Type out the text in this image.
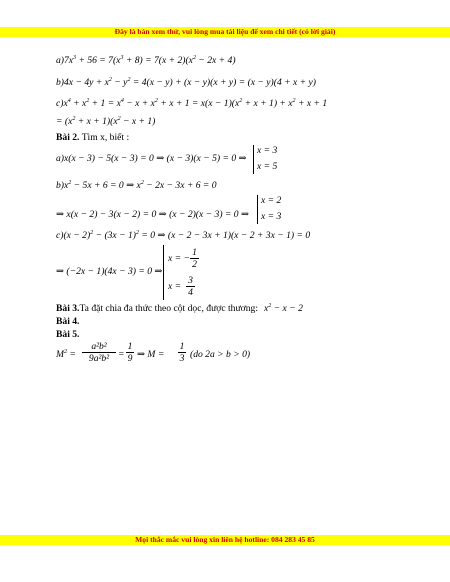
Đây là bản xem thử, vui lòng mua tài liệu để xem chi tiết (có lời giải)
Mọi thắc mắc vui lòng xin liên hệ hotline: 084 283 45 85
$a)7x^3 + 56 = 7(x^3 + 8) = 7(x + 2)(x^2 - 2x + 4)$
$b)4x - 4y + x^2 - y^2 = 4(x - y) + (x - y)(x + y) = (x - y)(4 + x + y)$
$c)x^4 + x^2 + 1 = x^4 - x + x^2 + x + 1 = x(x - 1)(x^2 + x + 1) + x^2 + x + 1$
= $(x^2 + x + 1)(x^2 - x + 1)$
Bài 2. Tìm x, biết :
a)x(x − 3) − 5(x − 3) = 0 ⇒ (x − 3)(x − 5) = 0 ⇒
x = 3
x = 5
$b)x^2 - 5x + 6 = 0$ ⇒ $x^2 - 2x - 3x + 6 = 0$
⇒ x(x − 2) − 3(x − 2) = 0 ⇒ (x − 2)(x − 3) = 0 ⇒
x = 2
x = 3
$c)(x - 2)^2 - (3x - 1)^2 = 0$ ⇒ (x − 2 − 3x + 1)(x − 2 + 3x − 1) = 0
⇒ (−2x − 1)(4x − 3) = 0 ⇒
x = − $\frac{1}{2}$
$x = \frac{3}{4}$
Bài 3.Ta đặt chia đa thức theo cột dọc, được thương: $x^2 - x - 2$
Bài 4.
Bài 5.
$M^2 = \frac{\text{a²b²}}{\text{9a²b²}} = \frac{1}{9}$ ⇒ $M = \frac{1}{3} (do$ 2a > b > 0)
